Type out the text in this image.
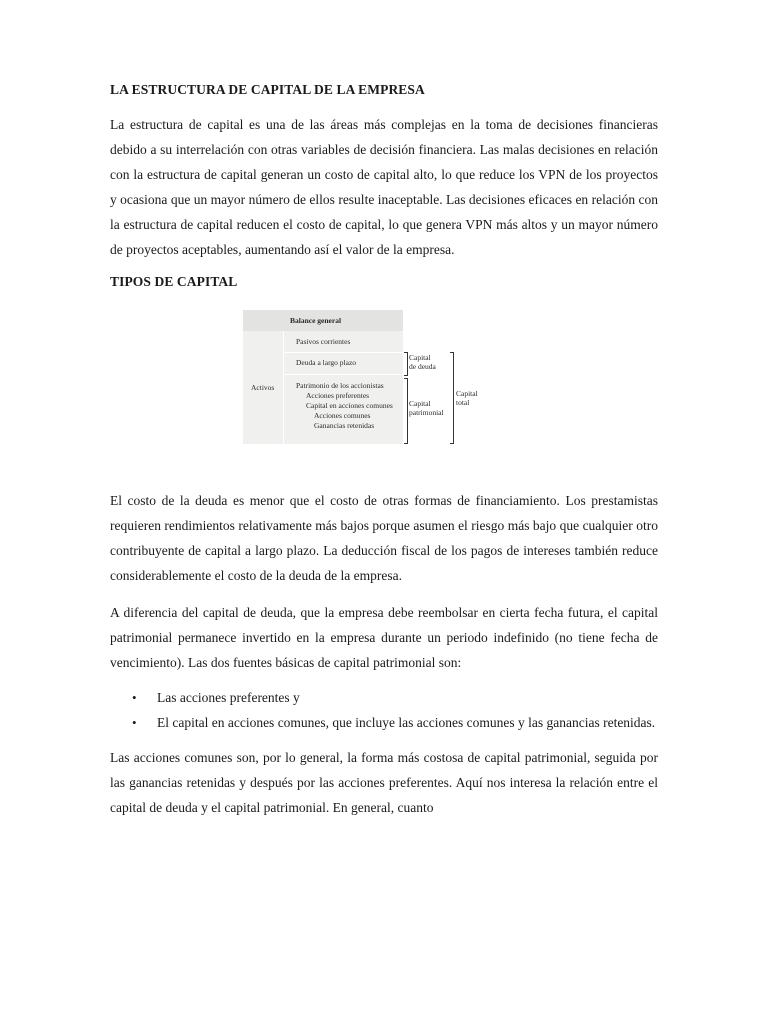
LA ESTRUCTURA DE CAPITAL DE LA EMPRESA

La estructura de capital es una de las áreas más complejas en la toma de decisiones financieras debido a su interrelación con otras variables de decisión financiera. Las malas decisiones en relación con la estructura de capital generan un costo de capital alto, lo que reduce los VPN de los proyectos y ocasiona que un mayor número de ellos resulte inaceptable. Las decisiones eficaces en relación con la estructura de capital reducen el costo de capital, lo que genera VPN más altos y un mayor número de proyectos aceptables, aumentando así el valor de la empresa.

TIPOS DE CAPITAL

Balance general
Activos
Pasivos corrientes
Deuda a largo plazo
Patrimonio de los accionistas
Acciones preferentes
Capital en acciones comunes
Acciones comunes
Ganancias retenidas
Capital
de deuda
Capital
patrimonial
Capital
total

El costo de la deuda es menor que el costo de otras formas de financiamiento. Los prestamistas requieren rendimientos relativamente más bajos porque asumen el riesgo más bajo que cualquier otro contribuyente de capital a largo plazo. La deducción fiscal de los pagos de intereses también reduce considerablemente el costo de la deuda de la empresa.

A diferencia del capital de deuda, que la empresa debe reembolsar en cierta fecha futura, el capital patrimonial permanece invertido en la empresa durante un periodo indefinido (no tiene fecha de vencimiento). Las dos fuentes básicas de capital patrimonial son:

• Las acciones preferentes y
• El capital en acciones comunes, que incluye las acciones comunes y las ganancias retenidas.

Las acciones comunes son, por lo general, la forma más costosa de capital patrimonial, seguida por las ganancias retenidas y después por las acciones preferentes. Aquí nos interesa la relación entre el capital de deuda y el capital patrimonial. En general, cuanto
